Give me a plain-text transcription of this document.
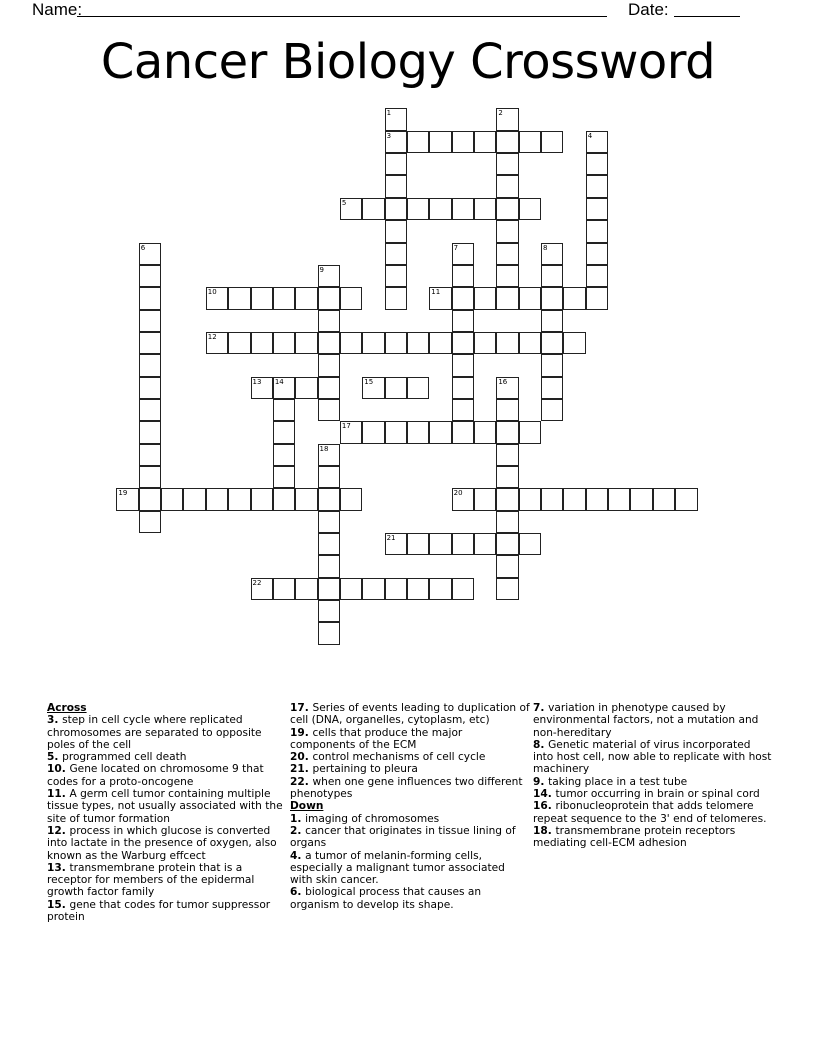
Name:	Date:
Cancer Biology Crossword
1
3
2
4
5
6	7	8
9
10	11
12
13 14	15	16
17
18
19	20
21
22
Across
3. step in cell cycle where replicated chromosomes are separated to opposite poles of the cell
5. programmed cell death
10. Gene located on chromosome 9 that codes for a proto-oncogene
11. A germ cell tumor containing multiple tissue types, not usually associated with the site of tumor formation
12. process in which glucose is converted into lactate in the presence of oxygen, also known as the Warburg effcect
13. transmembrane protein that is a receptor for members of the epidermal growth factor family
15. gene that codes for tumor suppressor protein
17. Series of events leading to duplication of cell (DNA, organelles, cytoplasm, etc)
19. cells that produce the major components of the ECM
20. control mechanisms of cell cycle
21. pertaining to pleura
22. when one gene influences two different phenotypes
Down
1. imaging of chromosomes
2. cancer that originates in tissue lining of organs
4. a tumor of melanin-forming cells, especially a malignant tumor associated with skin cancer.
6. biological process that causes an organism to develop its shape.
7. variation in phenotype caused by environmental factors, not a mutation and non-hereditary
8. Genetic material of virus incorporated into host cell, now able to replicate with host machinery
9. taking place in a test tube
14. tumor occurring in brain or spinal cord
16. ribonucleoprotein that adds telomere repeat sequence to the 3' end of telomeres.
18. transmembrane protein receptors mediating cell-ECM adhesion
